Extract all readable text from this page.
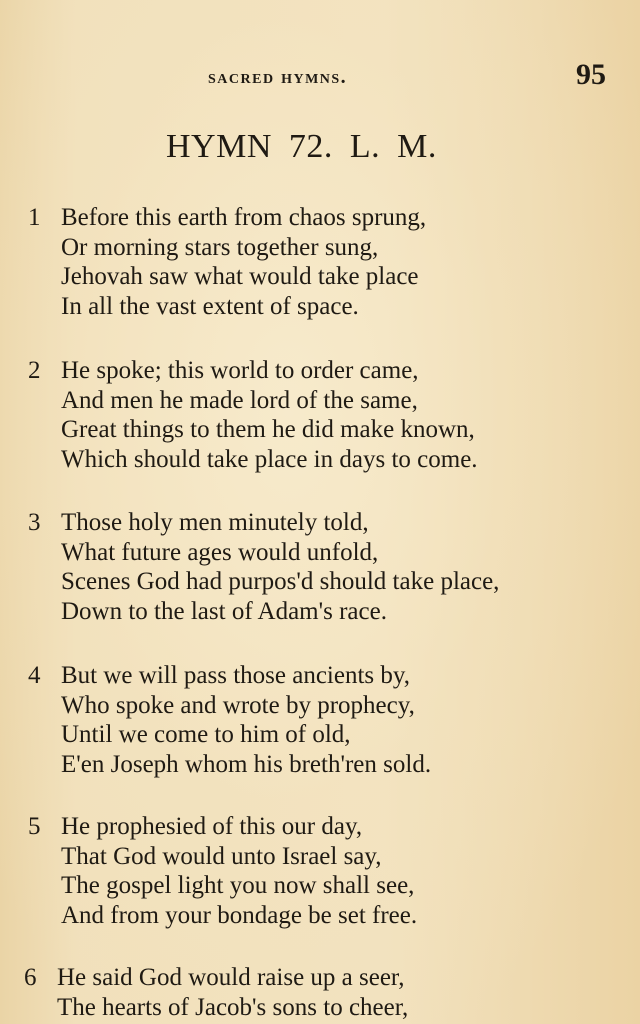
sacred hymns.	95
HYMN 72. L. M.
1 Before this earth from chaos sprung,
Or morning stars together sung,
Jehovah saw what would take place
In all the vast extent of space.
2 He spoke; this world to order came,
And men he made lord of the same,
Great things to them he did make known,
Which should take place in days to come.
3 Those holy men minutely told,
What future ages would unfold,
Scenes God had purpos'd should take place,
Down to the last of Adam's race.
4 But we will pass those ancients by,
Who spoke and wrote by prophecy,
Until we come to him of old,
E'en Joseph whom his breth'ren sold.
5 He prophesied of this our day,
That God would unto Israel say,
The gospel light you now shall see,
And from your bondage be set free.
6 He said God would raise up a seer,
The hearts of Jacob's sons to cheer,
